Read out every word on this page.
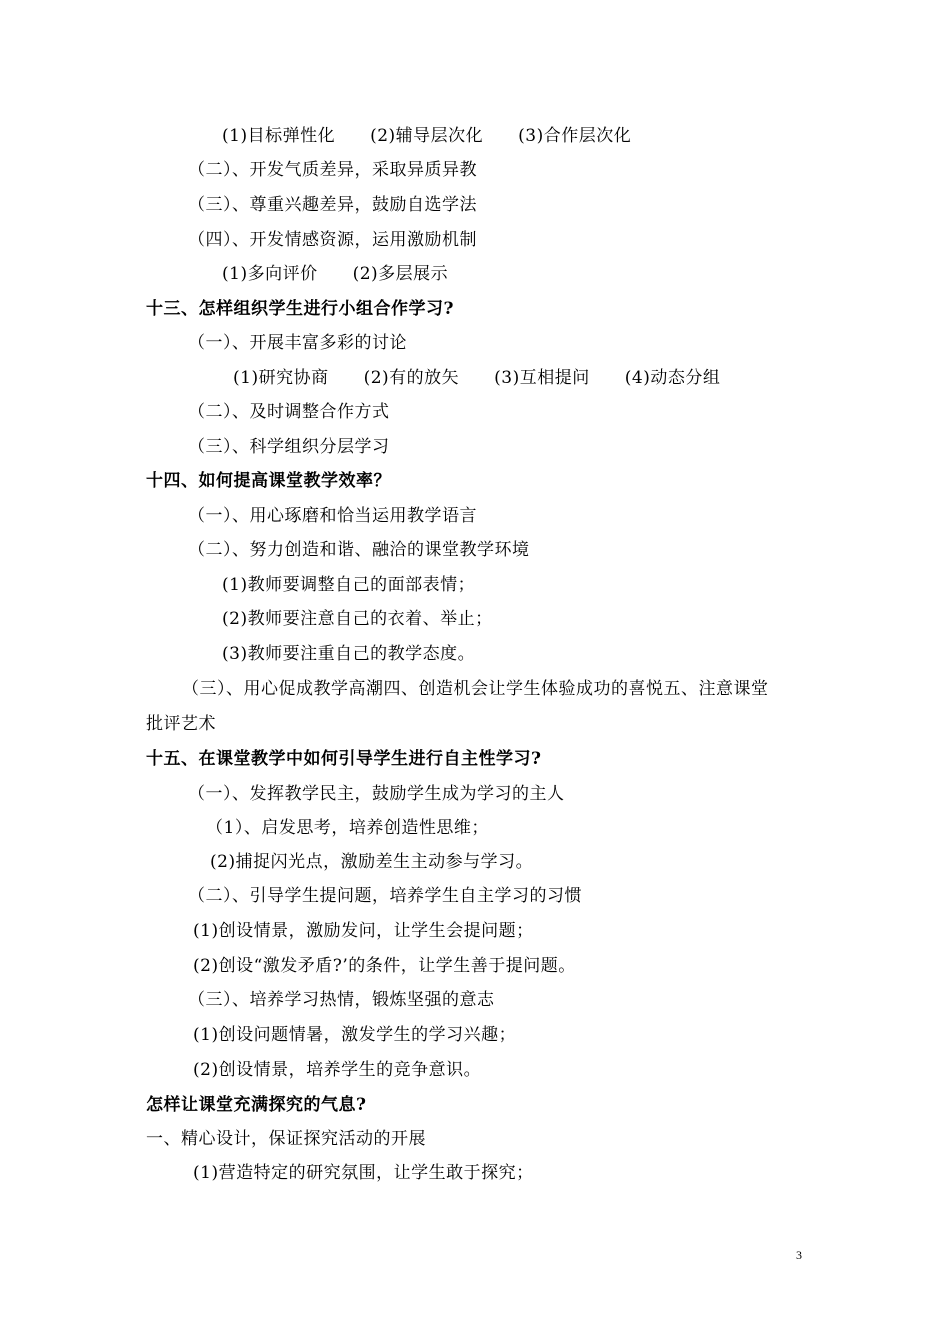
(1)目标弹性化　　(2)辅导层次化　　(3)合作层次化
（二）、开发气质差异，采取异质异教
（三）、尊重兴趣差异，鼓励自选学法
（四）、开发情感资源，运用激励机制
(1)多向评价　　(2)多层展示
十三、怎样组织学生进行小组合作学习?
（一）、开展丰富多彩的讨论
(1)研究协商　　(2)有的放矢　　(3)互相提问　　(4)动态分组
（二）、及时调整合作方式
（三）、科学组织分层学习
十四、如何提高课堂教学效率？
（一）、用心琢磨和恰当运用教学语言
（二）、努力创造和谐、融洽的课堂教学环境
(1)教师要调整自己的面部表情；
(2)教师要注意自己的衣着、举止；
(3)教师要注重自己的教学态度。
（三）、用心促成教学高潮四、创造机会让学生体验成功的喜悦五、注意课堂
批评艺术
十五、在课堂教学中如何引导学生进行自主性学习?
（一）、发挥教学民主，鼓励学生成为学习的主人
（1）、启发思考，培养创造性思维；
(2)捕捉闪光点，激励差生主动参与学习。
（二）、引导学生提问题，培养学生自主学习的习惯
(1)创设情景，激励发问，让学生会提问题；
(2)创设“激发矛盾?’的条件，让学生善于提问题。
（三）、培养学习热情，锻炼坚强的意志
(1)创设问题情暑，激发学生的学习兴趣；
(2)创设情景，培养学生的竞争意识。
怎样让课堂充满探究的气息?
一、精心设计，保证探究活动的开展
(1)营造特定的研究氛围，让学生敢于探究；
3
